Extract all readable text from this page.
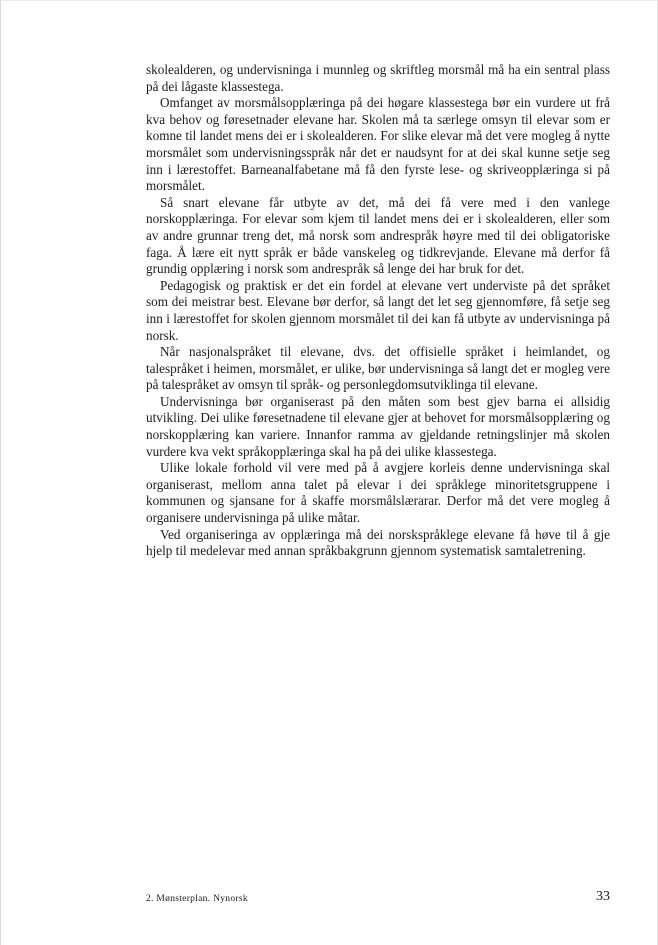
skolealderen, og undervisninga i munnleg og skriftleg morsmål må ha ein sentral plass på dei lågaste klassestega.

Omfanget av morsmålsopplæringa på dei høgare klassestega bør ein vurdere ut frå kva behov og føresetnader elevane har. Skolen må ta særlege omsyn til elevar som er komne til landet mens dei er i skolealderen. For slike elevar må det vere mogleg å nytte morsmålet som undervisningsspråk når det er naudsynt for at dei skal kunne setje seg inn i lærestoffet. Barneanalfabetane må få den fyrste lese- og skriveopplæringa si på morsmålet.

Så snart elevane får utbyte av det, må dei få vere med i den vanlege norskopplæringa. For elevar som kjem til landet mens dei er i skolealderen, eller som av andre grunnar treng det, må norsk som andrespråk høyre med til dei obligatoriske faga. Å lære eit nytt språk er både vanskeleg og tidkrevjande. Elevane må derfor få grundig opplæring i norsk som andrespråk så lenge dei har bruk for det.

Pedagogisk og praktisk er det ein fordel at elevane vert underviste på det språket som dei meistrar best. Elevane bør derfor, så langt det let seg gjennomføre, få setje seg inn i lærestoffet for skolen gjennom morsmålet til dei kan få utbyte av undervisninga på norsk.

Når nasjonalspråket til elevane, dvs. det offisielle språket i heimlandet, og talespråket i heimen, morsmålet, er ulike, bør undervisninga så langt det er mogleg vere på talespråket av omsyn til språk- og personlegdomsutviklinga til elevane.

Undervisninga bør organiserast på den måten som best gjev barna ei allsidig utvikling. Dei ulike føresetnadene til elevane gjer at behovet for morsmålsopplæring og norskopplæring kan variere. Innanfor ramma av gjeldande retningslinjer må skolen vurdere kva vekt språkopplæringa skal ha på dei ulike klassestega.

Ulike lokale forhold vil vere med på å avgjere korleis denne undervisninga skal organiserast, mellom anna talet på elevar i dei språklege minoritetsgruppene i kommunen og sjansane for å skaffe morsmålslærarar. Derfor må det vere mogleg å organisere undervisninga på ulike måtar.

Ved organiseringa av opplæringa må dei norskspråklege elevane få høve til å gje hjelp til medelevar med annan språkbakgrunn gjennom systematisk samtaletrening.

2. Mønsterplan. Nynorsk	33
